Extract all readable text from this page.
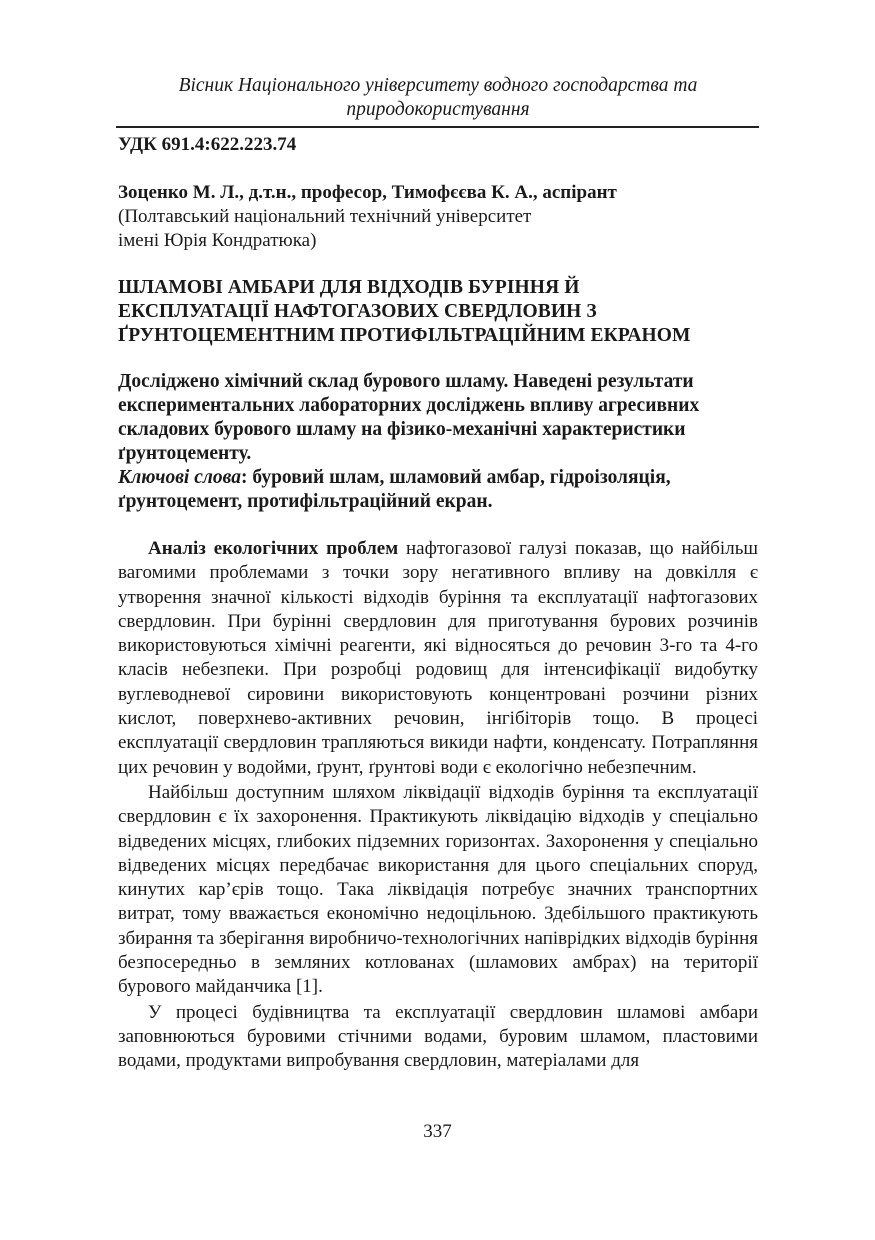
Вісник Національного університету водного господарства та
природокористування
УДК 691.4:622.223.74
Зоценко М. Л., д.т.н., професор, Тимофєєва К. А., аспірант
(Полтавський національний технічний університет
імені Юрія Кондратюка)
ШЛАМОВІ АМБАРИ ДЛЯ ВІДХОДІВ БУРІННЯ Й
ЕКСПЛУАТАЦІЇ НАФТОГАЗОВИХ СВЕРДЛОВИН З
ҐРУНТОЦЕМЕНТНИМ ПРОТИФІЛЬТРАЦІЙНИМ ЕКРАНОМ
Досліджено хімічний склад бурового шламу. Наведені результати експериментальних лабораторних досліджень впливу агресивних складових бурового шламу на фізико-механічні характеристики ґрунтоцементу.
Ключові слова: буровий шлам, шламовий амбар, гідроізоляція, ґрунтоцемент, протифільтраційний екран.

Аналіз екологічних проблем нафтогазової галузі показав, що найбільш вагомими проблемами з точки зору негативного впливу на довкілля є утворення значної кількості відходів буріння та експлуатації нафтогазових свердловин. При бурінні свердловин для приготування бурових розчинів використовуються хімічні реагенти, які відносяться до речовин 3-го та 4-го класів небезпеки. При розробці родовищ для інтенсифікації видобутку вуглеводневої сировини використовують концентровані розчини різних кислот, поверхнево-активних речовин, інгібіторів тощо. В процесі експлуатації свердловин трапляються викиди нафти, конденсату. Потрапляння цих речовин у водойми, ґрунт, ґрунтові води є екологічно небезпечним.

Найбільш доступним шляхом ліквідації відходів буріння та експлуатації свердловин є їх захоронення. Практикують ліквідацію відходів у спеціально відведених місцях, глибоких підземних горизонтах. Захоронення у спеціально відведених місцях передбачає використання для цього спеціальних споруд, кинутих кар’єрів тощо. Така ліквідація потребує значних транспортних витрат, тому вважається економічно недоцільною. Здебільшого практикують збирання та зберігання виробничо-технологічних напіврідких відходів буріння безпосередньо в земляних котлованах (шламових амбрах) на території бурового майданчика [1].

У процесі будівництва та експлуатації свердловин шламові амбари заповнюються буровими стічними водами, буровим шламом, пластовими водами, продуктами випробування свердловин, матеріалами для

337
